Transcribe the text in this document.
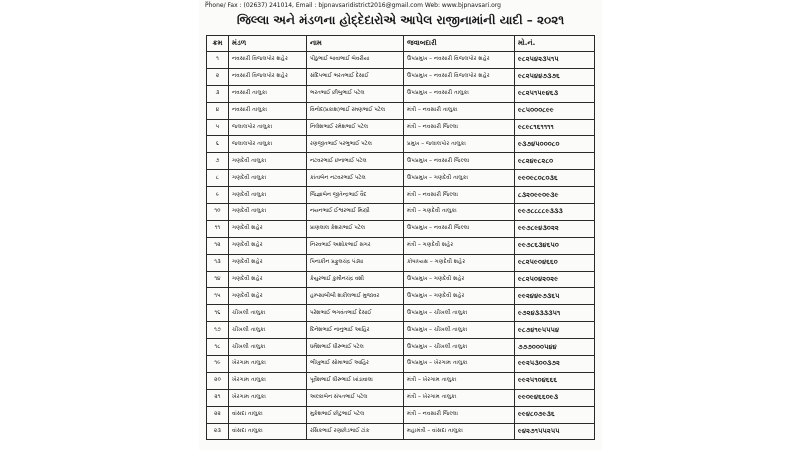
...
Phone/ Fax : (02637) 241014, Email : bjpnavsaridistrict2016@gmail.com Web: www.bjpnavsari.org
જિલ્લા અને મંડળના હોદ્દેદારોએ આપેલ રાજીનામાંની યાદી – ૨૦૨૧
ક્રમ	મંડળ	નામ	જવાબદારી	મો.નં.
૧	નવસારી વિજલપોર શહેર	પીઠુભાઈ બાવાભાઈ બેવરીયા	ઉપપ્રમુખ – નવસારી વિજલપોર શહેર	૯૮૨૫૪૨૩૫૧૫
૨	નવસારી વિજલપોર શહેર	સંદિપભાઈ ભરતભાઈ દેસાઈ	ઉપપ્રમુખ – નવસારી વિજલપોર શહેર	૯૮૨૫૪૪૭૩૭૬
૩	નવસારી તાલુકા	ભરતભાઈ છીબુભાઈ પટેલ	ઉપપ્રમુખ – નવસારી તાલુકા	૯૮૨૫૧૫૯૪૬૩
૪	નવસારી તાલુકા	વિનોદ(પ્રકાશ)ભાઈ રમણભાઈ પટેલ	મંત્રી – નવસારી તાલુકા	૯૮૫૦૦૦૮૯૯
૫	જલાલપોર તાલુકા	નિલેશભાઈ રમેશભાઈ પટેલ	મંત્રી – નવસારી જિલ્લા	૯૮૯૮૧૬૧૧૧૧
૬	જલાલપોર તાલુકા	રણજીતભાઈ પરભુભાઈ પટેલ	પ્રમુખ – જલાલપોર તાલુકા	૯૩૭૪૫૦૦૦૮૦
૭	ગણદેવી તાલુકા	નટવરભાઈ છનાભાઈ પટેલ	ઉપપ્રમુખ – નવસારી જિલ્લા	૯૮૨૪૯૮૨૮૦
૮	ગણદેવી તાલુકા	કાંતાબેન નટવરભાઈ પટેલ	ઉપપ્રમુખ – ગણદેવી તાલુકા	૯૯૦૯૮૦૮૦૩૬
૯	ગણદેવી તાલુકા	જિજ્ઞાબેન જીતેન્દ્રભાઈ વૈદ	મંત્રી – નવસારી જિલ્લા	૮૩૨૦૯૯૦૯૩૯
૧૦	ગણદેવી તાલુકા	નયનભાઈ ઈશ્વરભાઈ મિસ્ત્રી	મંત્રી – ગણદેવી તાલુકા	૯૯૭૮૮૮૮૯૩૩૩
૧૧	ગણદેવી શહેર	પ્રાણલાલ કેશરાભાઈ પટેલ	ઉપપ્રમુખ – નવસારી જિલ્લા	૯૯૭૮૯૪૩૦૨૨
૧૨	ગણદેવી શહેર	નિરવભાઈ અશોકભાઈ સગર	મંત્રી – ગણદેવી શહેર	૯૯૭૮૬૩૪૬૫૦
૧૩	ગણદેવી શહેર	પિનાકીન પ્રફુલચંદ્ર પંડ્યા	કોષાધ્યક્ષ – ગણદેવી શહેર	૯૮૨૫૯૦૪૬૬૦
૧૪	ગણદેવી શહેર	કેયુરભાઈ કુમીનચંદ્ર વશી	ઉપપ્રમુખ – ગણદેવી શહેર	૯૮૨૫૦૪૨૦૨૯
૧૫	ગણદેવી શહેર	હમ્પ્સાબીબી શકીલભાઈ મુજાવર	ઉપપ્રમુખ – ગણદેવી શહેર	૯૯૨૪૪૯૭૩૬૫
૧૬	ચીખલી તાલુકા	પરેશભાઈ ભગવંતભાઈ દેસાઈ	ઉપપ્રમુખ – ચીખલી તાલુકા	૯૭૨૪૩૩૩૩૫૧
૧૭	ચીખલી તાલુકા	દિનેશભાઈ નાનુભાઈ આહિર	ઉપપ્રમુખ – ચીખલી તાલુકા	૯૮૭૪૧૯૫૫૫૪
૧૮	ચીખલી તાલુકા	ધર્મેશભાઈ ધીરુભાઈ પટેલ	ઉપપ્રમુખ – ચીખલી તાલુકા	૭૭૭૦૦૦૫૪૪
૧૯	ખેરગામ તાલુકા	ભીખુભાઈ સોમાભાઈ આહિર	ઉપપ્રમુખ – ખેરગામ તાલુકા	૯૯૨૫૩૦૦૩૭૨
૨૦	ખેરગામ તાલુકા	પૂર્વેશભાઈ ધીરુભાઈ ખાંડાવાલા	મંત્રી – ખેરગામ તાલુકા	૯૯૨૫૧૦૪૬૬૬
૨૧	ખેરગામ તાલુકા	અલ્કાબેન સંપતભાઈ પટેલ	મંત્રી – ખેરગામ તાલુકા	૯૯૦૯૪૬૬૦૯૩
૨૨	વાંસદા તાલુકા	મુકેશભાઈ છોટુભાઈ પટેલ	મંત્રી – નવસારી જિલ્લા	૯૯૪૮૦૭૯૩૬
૨૩	વાંસદા તાલુકા	રસિકભાઈ રણછોડભાઈ ટાંક	મહામંત્રી – વાંસદા તાલુકા	૯૪૨૭૧૫૫૨૫૫
